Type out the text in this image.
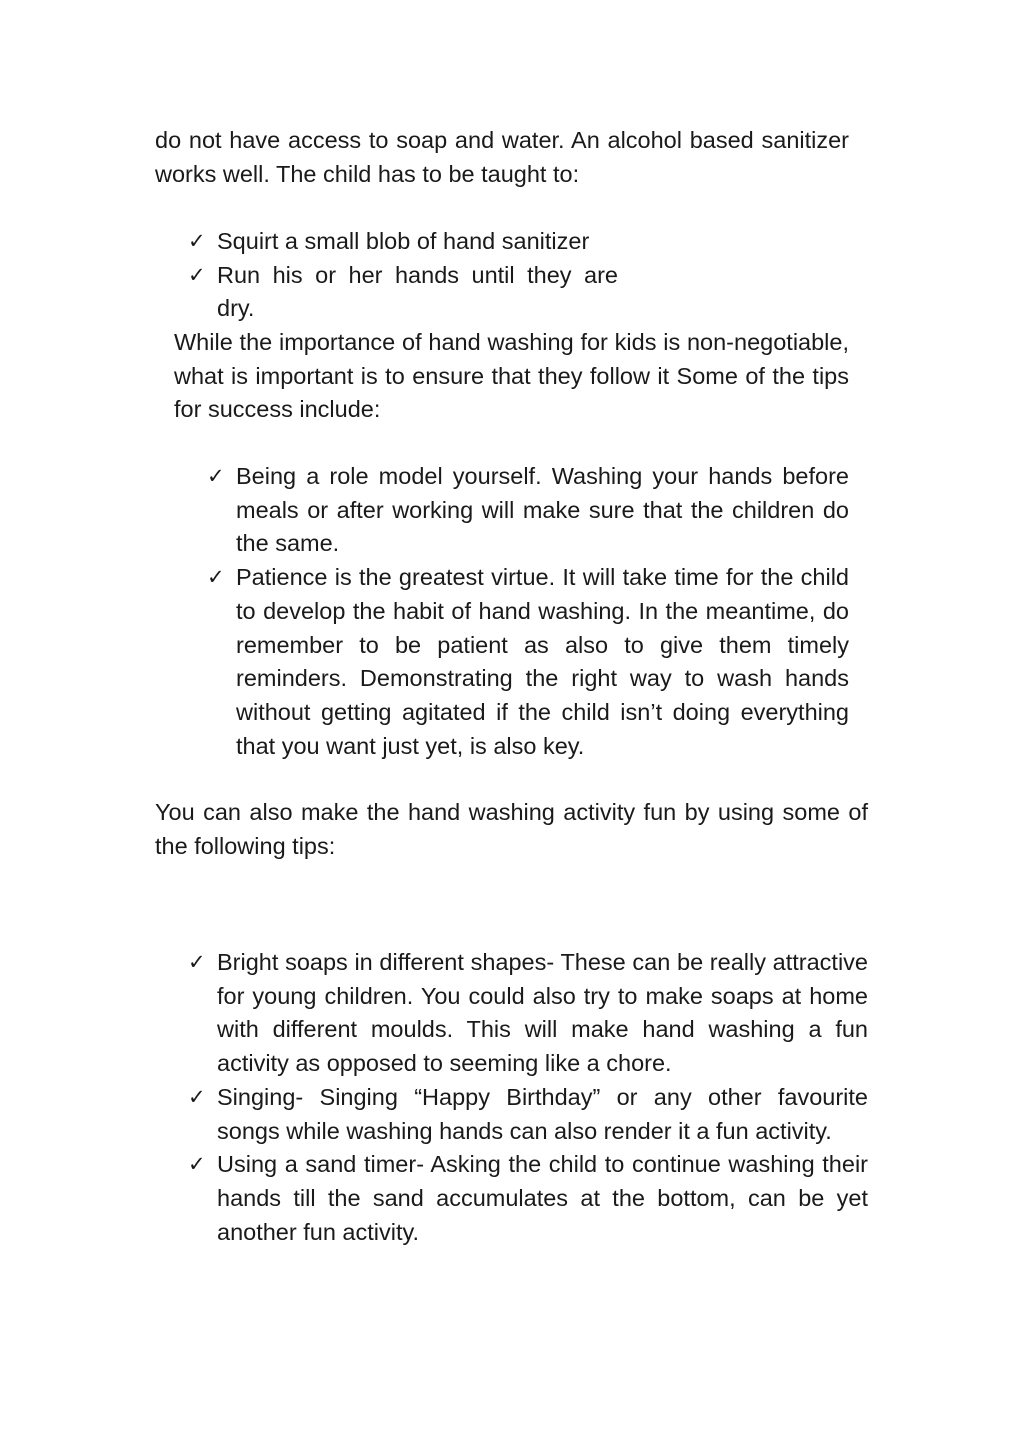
do not have access to soap and water. An alcohol based sanitizer works well. The child has to be taught to:

✓ Squirt a small blob of hand sanitizer
✓ Run his or her hands until they are dry.

While the importance of hand washing for kids is non-negotiable, what is important is to ensure that they follow it Some of the tips for success include:

✓ Being a role model yourself. Washing your hands before meals or after working will make sure that the children do the same.
✓ Patience is the greatest virtue. It will take time for the child to develop the habit of hand washing. In the meantime, do remember to be patient as also to give them timely reminders. Demonstrating the right way to wash hands without getting agitated if the child isn’t doing everything that you want just yet, is also key.

You can also make the hand washing activity fun by using some of the following tips:

✓ Bright soaps in different shapes- These can be really attractive for young children. You could also try to make soaps at home with different moulds. This will make hand washing a fun activity as opposed to seeming like a chore.
✓ Singing- Singing “Happy Birthday” or any other favourite songs while washing hands can also render it a fun activity.
✓ Using a sand timer- Asking the child to continue washing their hands till the sand accumulates at the bottom, can be yet another fun activity.
